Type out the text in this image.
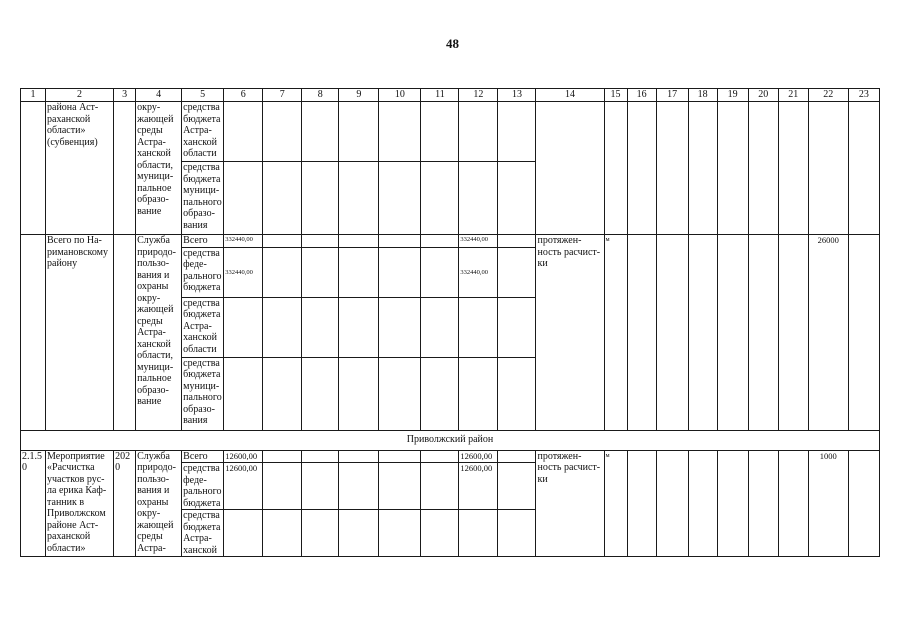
48
1	2	3	4	5	6	7	8	9	10	11	12	13	14	15	16	17	18	19	20	21	22	23
	района Аст-раханской области» (субвенция)		окру-жающей среды Астра-ханской области, муници-пальное образо-вание	средства бюджета Астра-ханской области																		
				средства бюджета муници-пального образо-вания																		
	Всего по На-римановскому району		Служба природо-пользо-вания и охраны окру-жающей среды Астра-ханской области, муници-пальное образо-вание	Всего	332440,00						332440,00		протяжен-ность расчист-ки	м							26000	
				средства феде-рального бюджета	332440,00						332440,00											
				средства бюджета Астра-ханской области																		
				средства бюджета муници-пального образо-вания																		
Приволжский район																						
2.1.50	Мероприятие «Расчистка участков рус-ла ерика Каф-танник в Приволжском районе Аст-раханской области»	2020	Служба природо-пользо-вания и охраны окру-жающей среды Астра-	Всего	12600,00						12600,00		протяжен-ность расчист-ки	м							1000	
				средства феде-рального бюджета	12600,00						12600,00											
				средства бюджета Астра-ханской																		
